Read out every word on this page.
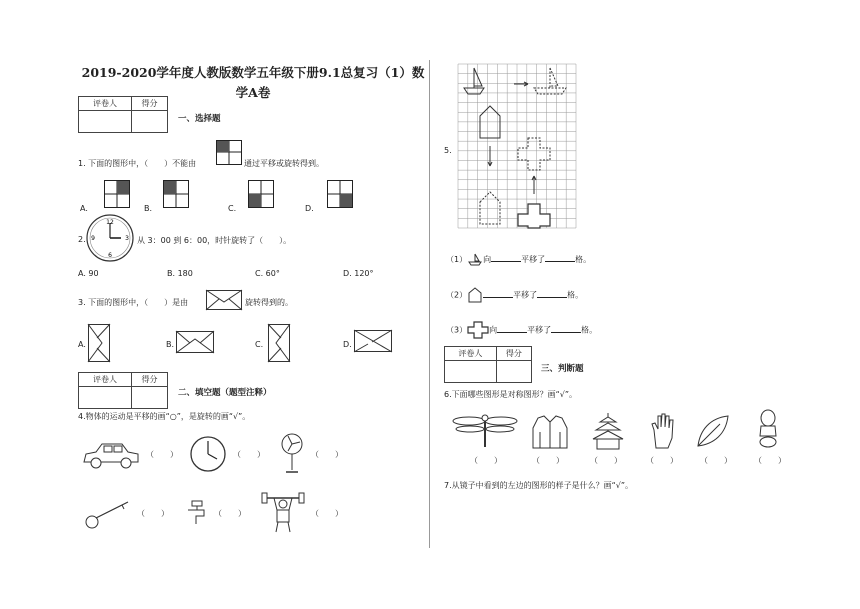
2019-2020学年度人教版数学五年级下册9.1总复习（1）数
学A卷
评卷人	得分

一、选择题
1. 下面的图形中，（　　）不能由	通过平移或旋转得到。
A.	B.	C.	D.
2.
12
3
6
9	从 3：00 到 6：00，时针旋转了（　　）。
A. 90	B. 180	C. 60°	D. 120°
3. 下面的图形中，（　　）是由	旋转得到的。
A.	B.	C.	D.
评卷人	得分

二、填空题（题型注释）
4.物体的运动是平移的画“○”，是旋转的画“√”。
（　　）	（　　）	（　　）
（　　）	（　　）	（　　）
5.
（1） 向	平移了	格。
（2）	平移了	格。
（3）	向	平移了	格。
评卷人	得分

三、判断题
6.下面哪些图形是对称图形？画“√”。
（　　）	（　　）	（　　）	（　　）	（　　）	（　　）
7.从镜子中看到的左边的图形的样子是什么？画“√”。
